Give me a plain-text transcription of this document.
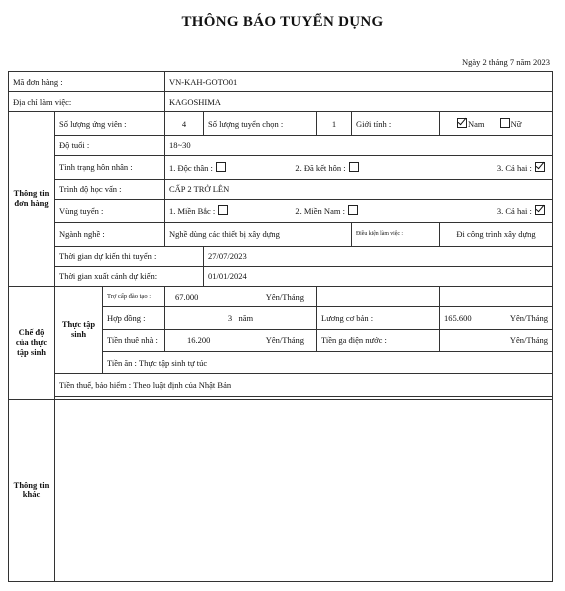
THÔNG BÁO TUYỂN DỤNG
Ngày 2 tháng 7 năm 2023
Mã đơn hàng :			VN-KAH-GOTO01				
Địa chỉ làm việc:			KAGOSHIMA				
Thông tin đơn hàng	Số lượng ứng viên :		4	Số lượng tuyển chọn :	1	Giới tính :	Nam Nữ
	Độ tuổi :		18~30				
	Tình trạng hôn nhân :		1. Độc thân : 2. Đã kết hôn : 3. Cả hai :				

	Trình độ học vấn :		CẤP 2 TRỞ LÊN				
	Vùng tuyển :		1. Miền Bắc : 2. Miền Nam : 3. Cả hai :				

	Ngành nghề :		Nghề dùng các thiết bị xây dựng			Điều kiện làm việc :	Đi công trình xây dựng
	Thời gian dự kiến thi tuyển :			27/07/2023			
	Thời gian xuất cảnh dự kiến:			01/01/2024			
Chế độ của thực tập sinh	Thực tập sinh	Trợ cấp đào tạo :	67.000 Yên/Tháng				

		Hợp đồng :	3 năm		Lương cơ bản :		165.600 Yên/Tháng

		Tiền thuê nhà :	16.200 Yên/Tháng		Tiền ga điện nước :		Yên/Tháng
		Tiền ăn : Thực tập sinh tự túc					
	Tiền thuế, bảo hiểm : Theo luật định của Nhật Bản						

Thông tin khác							
